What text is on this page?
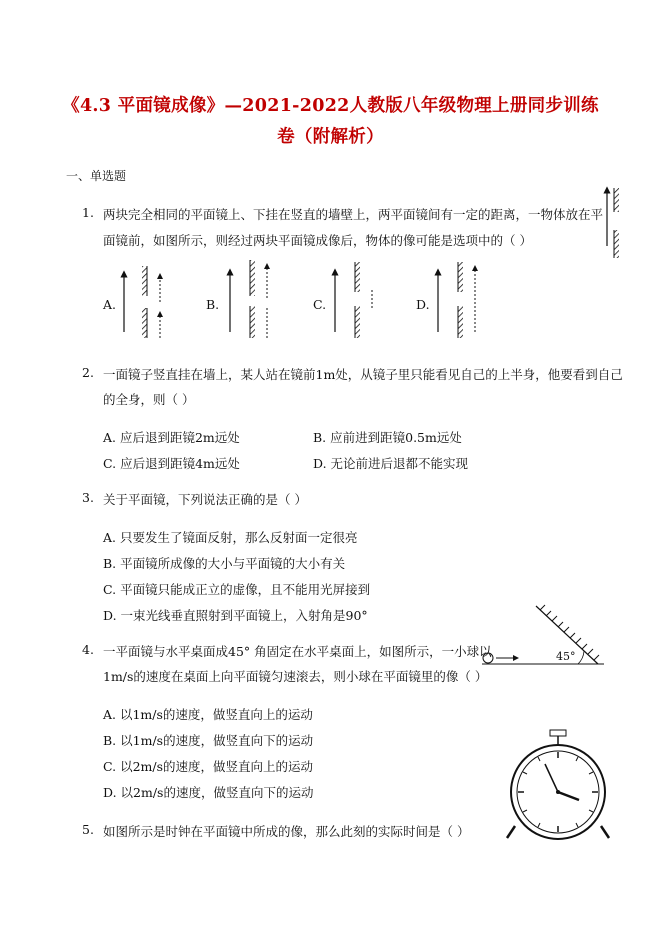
《4.3 平面镜成像》—2021-2022人教版八年级物理上册同步训练
卷（附解析）
一、单选题
1. 两块完全相同的平面镜上、下挂在竖直的墙壁上，两平面镜间有一定的距离，一物体放在平
面镜前，如图所示，则经过两块平面镜成像后，物体的像可能是选项中的（ ）
A.	B.	C.	D.
2. 一面镜子竖直挂在墙上，某人站在镜前1m处，从镜子里只能看见自己的上半身，他要看到自己
的全身，则（ ）
A. 应后退到距镜2m远处	B. 应前进到距镜0.5m远处
C. 应后退到距镜4m远处	D. 无论前进后退都不能实现
3. 关于平面镜，下列说法正确的是（ ）
A. 只要发生了镜面反射，那么反射面一定很亮
B. 平面镜所成像的大小与平面镜的大小有关
C. 平面镜只能成正立的虚像，且不能用光屏接到
D. 一束光线垂直照射到平面镜上，入射角是90°
45°
4. 一平面镜与水平桌面成45° 角固定在水平桌面上，如图所示，一小球以
1m/s的速度在桌面上向平面镜匀速滚去，则小球在平面镜里的像（ ）
A. 以1m/s的速度，做竖直向上的运动
B. 以1m/s的速度，做竖直向下的运动
C. 以2m/s的速度，做竖直向上的运动
D. 以2m/s的速度，做竖直向下的运动
5. 如图所示是时钟在平面镜中所成的像，那么此刻的实际时间是（ ）
